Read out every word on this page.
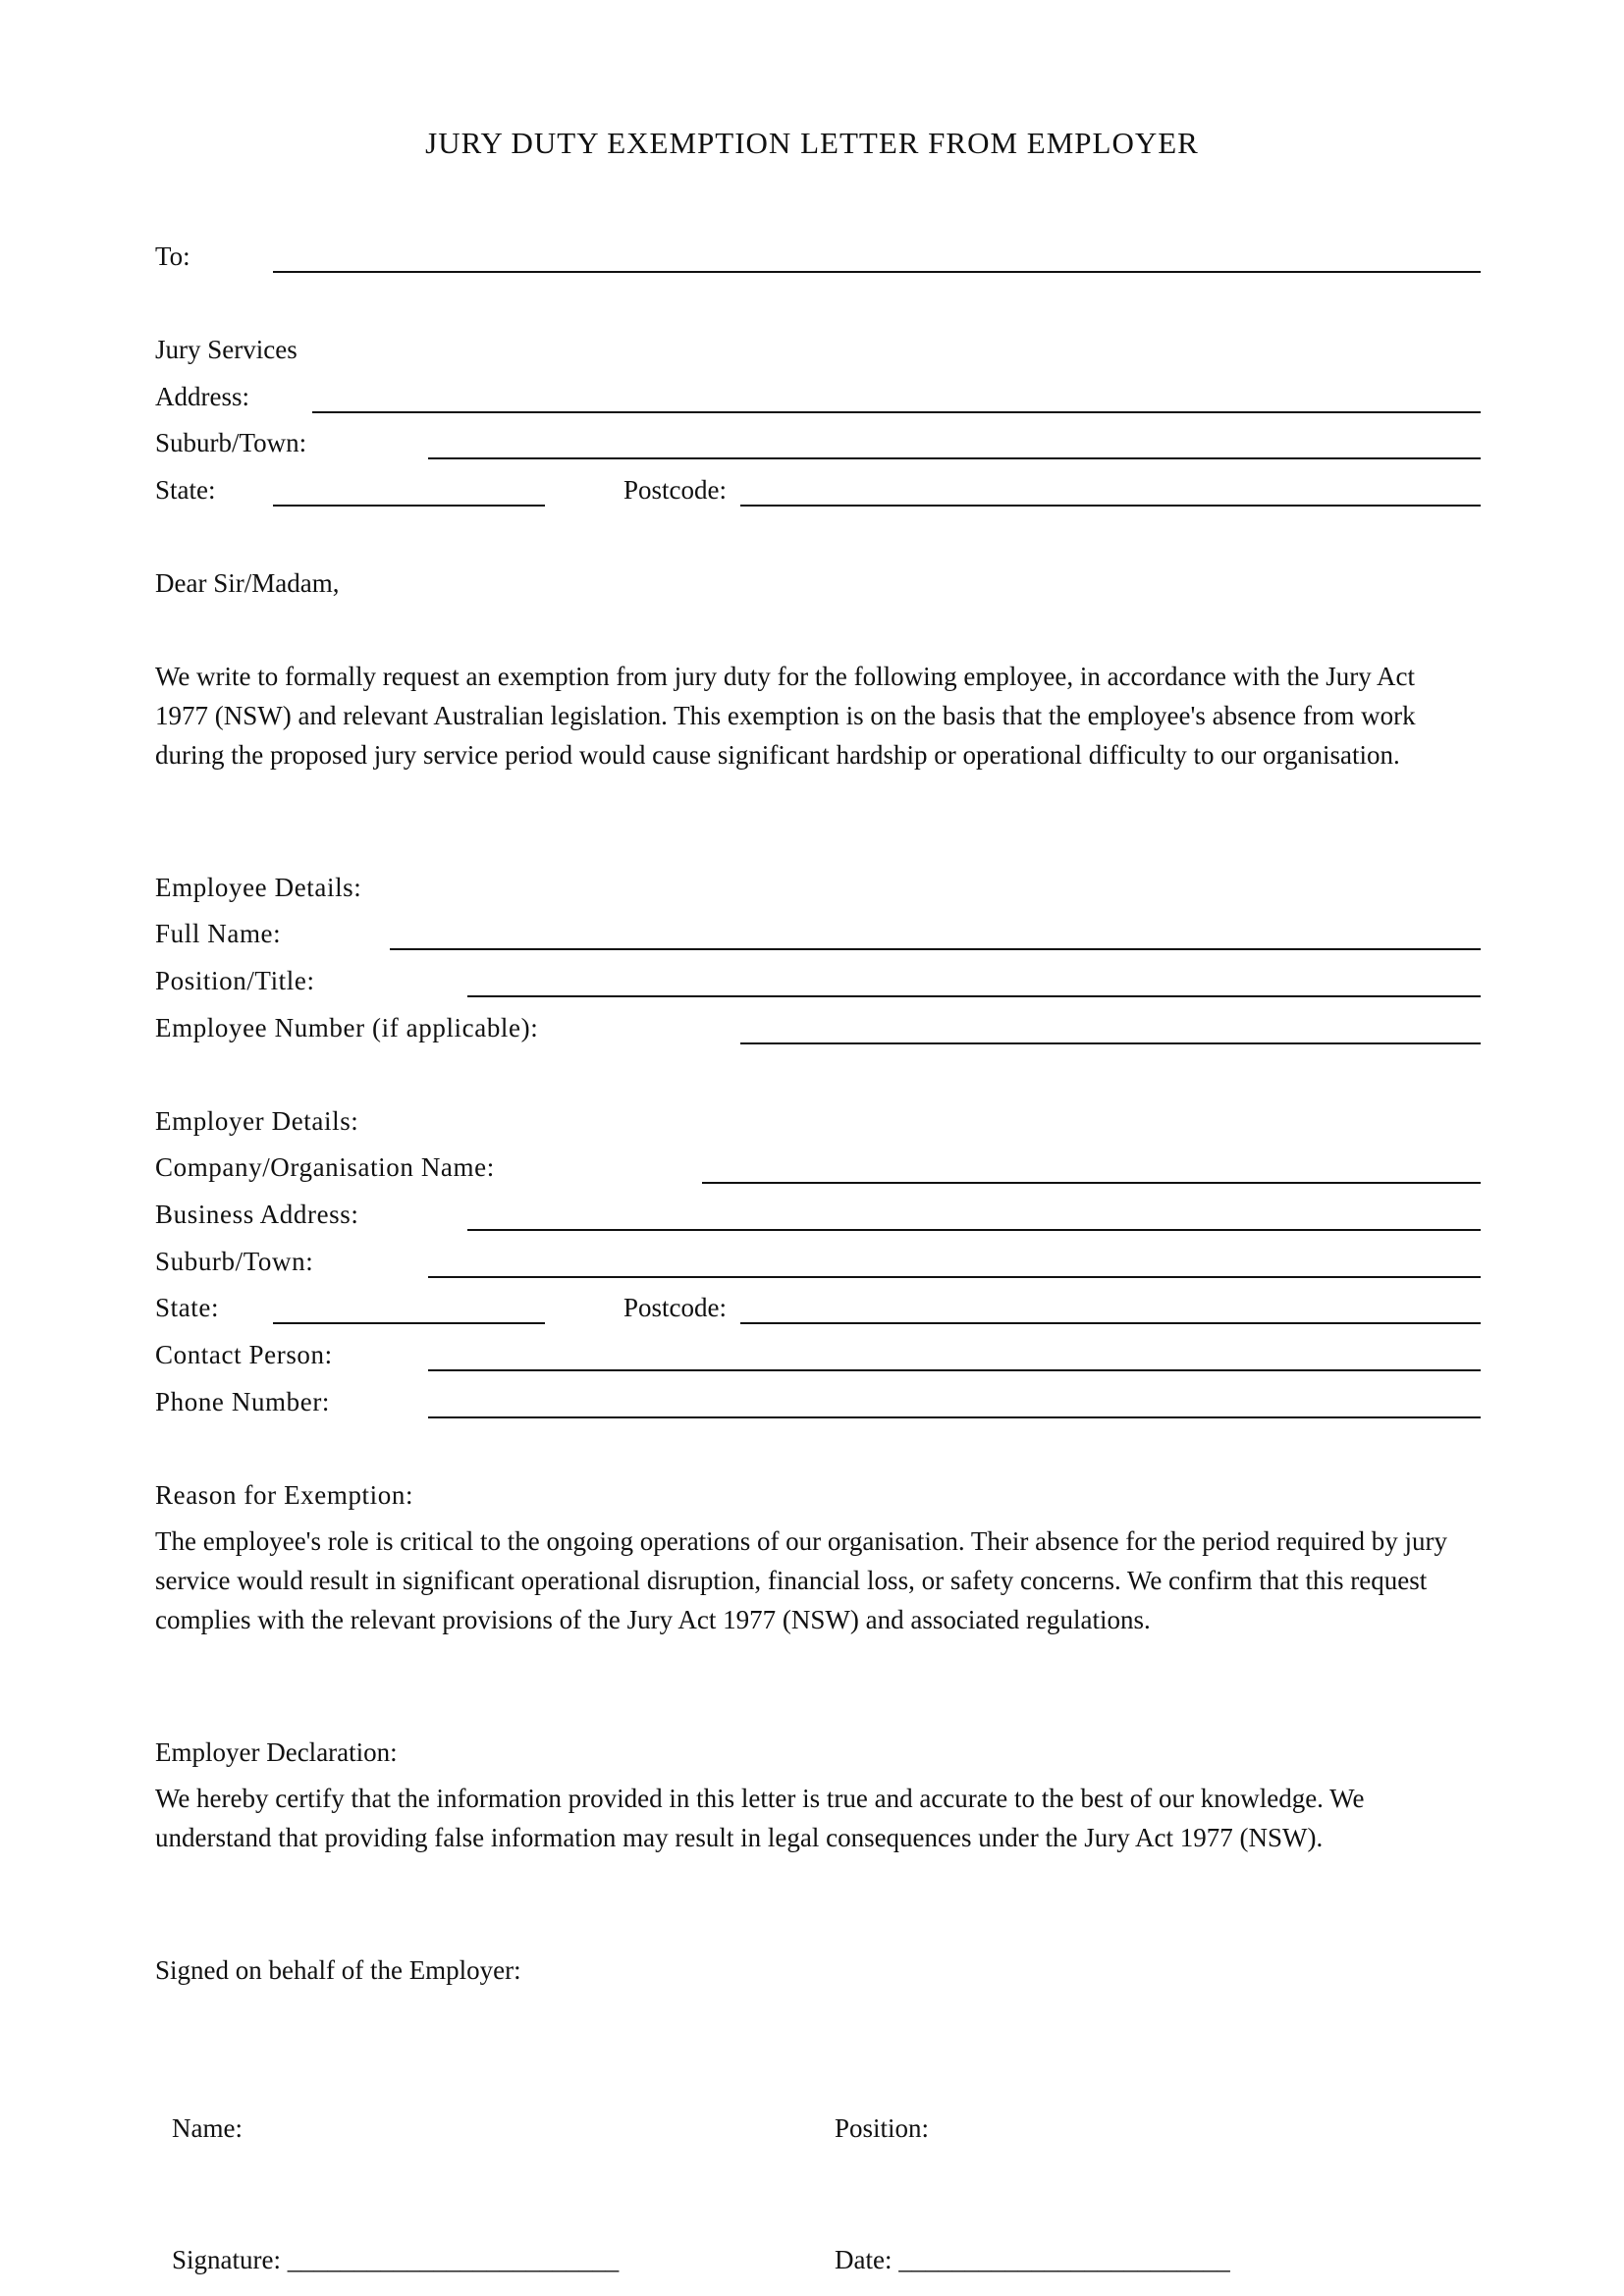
JURY DUTY EXEMPTION LETTER FROM EMPLOYER
To:
Jury Services
Address:
Suburb/Town:
State:	Postcode:
Dear Sir/Madam,
We write to formally request an exemption from jury duty for the following employee, in accordance with the Jury Act 1977 (NSW) and relevant Australian legislation. This exemption is on the basis that the employee's absence from work during the proposed jury service period would cause significant hardship or operational difficulty to our organisation.
Employee Details:
Full Name:
Position/Title:
Employee Number (if applicable):
Employer Details:
Company/Organisation Name:
Business Address:
Suburb/Town:
State:	Postcode:
Contact Person:
Phone Number:
Reason for Exemption:
The employee's role is critical to the ongoing operations of our organisation. Their absence for the period required by jury service would result in significant operational disruption, financial loss, or safety concerns. We confirm that this request complies with the relevant provisions of the Jury Act 1977 (NSW) and associated regulations.
Employer Declaration:
We hereby certify that the information provided in this letter is true and accurate to the best of our knowledge. We understand that providing false information may result in legal consequences under the Jury Act 1977 (NSW).
Signed on behalf of the Employer:
Name:	Position:
Signature: _________________________	Date: _________________________
